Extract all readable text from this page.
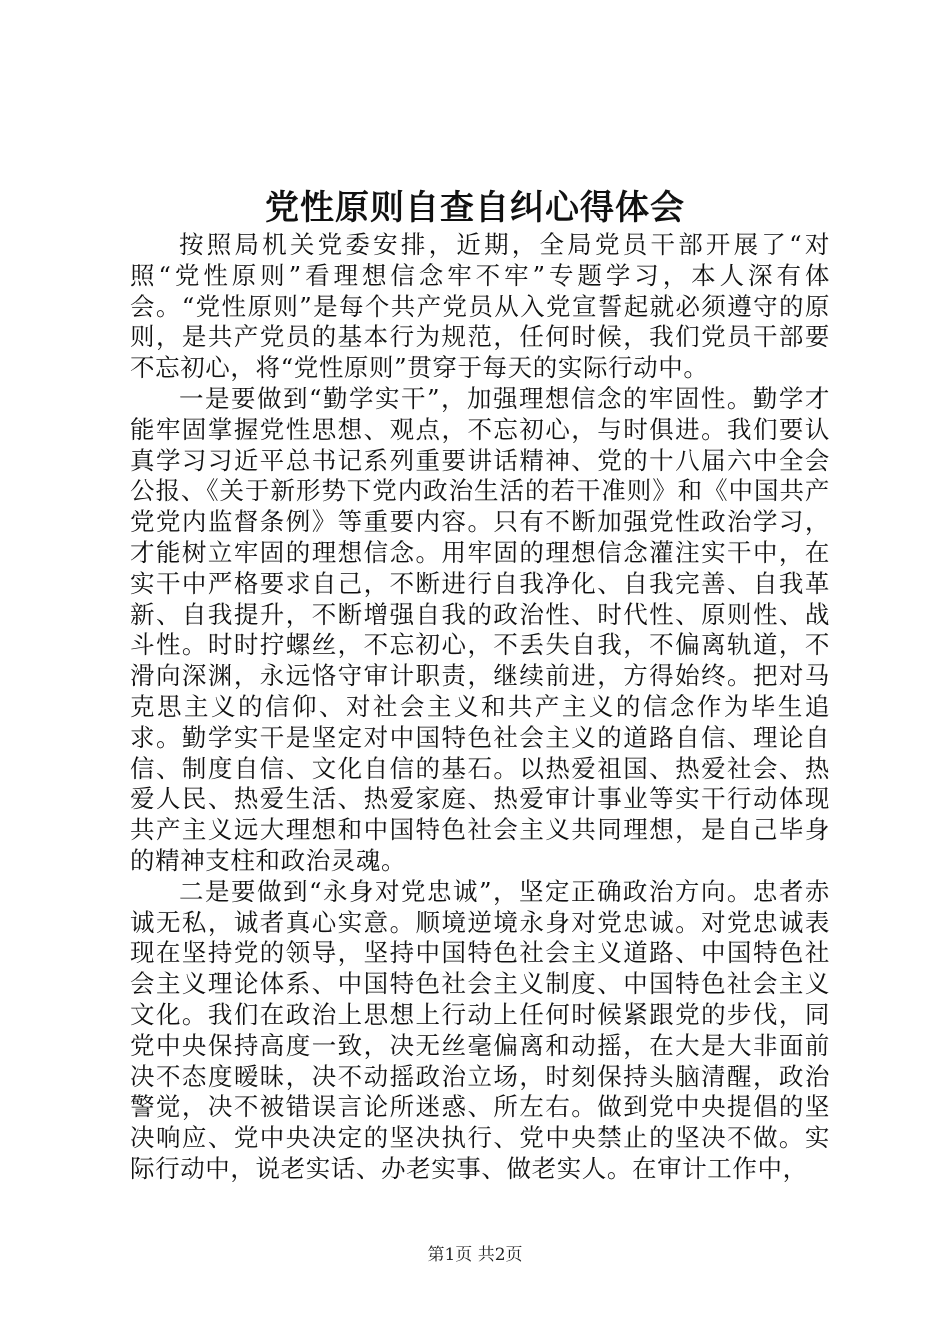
党性原则自查自纠心得体会

按照局机关党委安排，近期，全局党员干部开展了“对照“党性原则”看理想信念牢不牢”专题学习，本人深有体会。“党性原则”是每个共产党员从入党宣誓起就必须遵守的原则，是共产党员的基本行为规范，任何时候，我们党员干部要不忘初心，将“党性原则”贯穿于每天的实际行动中。

一是要做到“勤学实干”，加强理想信念的牢固性。勤学才能牢固掌握党性思想、观点，不忘初心，与时俱进。我们要认真学习习近平总书记系列重要讲话精神、党的十八届六中全会公报、《关于新形势下党内政治生活的若干准则》和《中国共产党党内监督条例》等重要内容。只有不断加强党性政治学习，才能树立牢固的理想信念。用牢固的理想信念灌注实干中，在实干中严格要求自己，不断进行自我净化、自我完善、自我革新、自我提升，不断增强自我的政治性、时代性、原则性、战斗性。时时拧螺丝，不忘初心，不丢失自我，不偏离轨道，不滑向深渊，永远恪守审计职责，继续前进，方得始终。把对马克思主义的信仰、对社会主义和共产主义的信念作为毕生追求。勤学实干是坚定对中国特色社会主义的道路自信、理论自信、制度自信、文化自信的基石。以热爱祖国、热爱社会、热爱人民、热爱生活、热爱家庭、热爱审计事业等实干行动体现共产主义远大理想和中国特色社会主义共同理想，是自己毕身的精神支柱和政治灵魂。

二是要做到“永身对党忠诚”，坚定正确政治方向。忠者赤诚无私，诚者真心实意。顺境逆境永身对党忠诚。对党忠诚表现在坚持党的领导，坚持中国特色社会主义道路、中国特色社会主义理论体系、中国特色社会主义制度、中国特色社会主义文化。我们在政治上思想上行动上任何时候紧跟党的步伐，同党中央保持高度一致，决无丝毫偏离和动摇，在大是大非面前决不态度暧昧，决不动摇政治立场，时刻保持头脑清醒，政治警觉，决不被错误言论所迷惑、所左右。做到党中央提倡的坚决响应、党中央决定的坚决执行、党中央禁止的坚决不做。实际行动中，说老实话、办老实事、做老实人。在审计工作中，

第1页 共2页
